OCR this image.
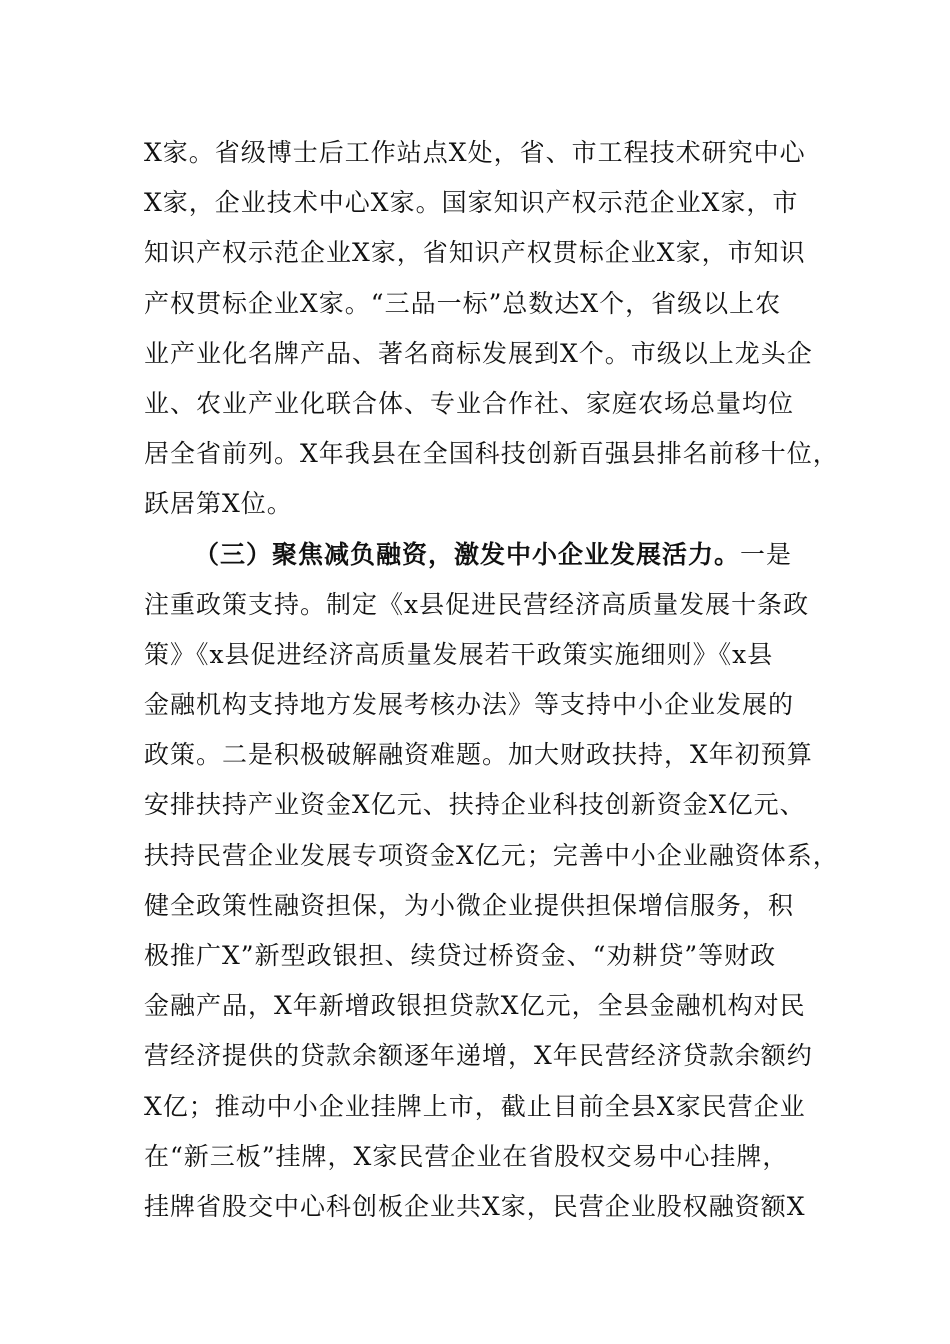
X家。省级博士后工作站点X处，省、市工程技术研究中心
X家，企业技术中心X家。国家知识产权示范企业X家，市
知识产权示范企业X家，省知识产权贯标企业X家，市知识
产权贯标企业X家。“三品一标”总数达X个，省级以上农
业产业化名牌产品、著名商标发展到X个。市级以上龙头企
业、农业产业化联合体、专业合作社、家庭农场总量均位
居全省前列。X年我县在全国科技创新百强县排名前移十位，
跃居第X位。
（三）聚焦减负融资，激发中小企业发展活力。一是
注重政策支持。制定《x县促进民营经济高质量发展十条政
策》《x县促进经济高质量发展若干政策实施细则》《x县
金融机构支持地方发展考核办法》等支持中小企业发展的
政策。二是积极破解融资难题。加大财政扶持，X年初预算
安排扶持产业资金X亿元、扶持企业科技创新资金X亿元、
扶持民营企业发展专项资金X亿元；完善中小企业融资体系，
健全政策性融资担保，为小微企业提供担保增信服务，积
极推广X”新型政银担、续贷过桥资金、“劝耕贷”等财政
金融产品，X年新增政银担贷款X亿元，全县金融机构对民
营经济提供的贷款余额逐年递增，X年民营经济贷款余额约
X亿；推动中小企业挂牌上市，截止目前全县X家民营企业
在“新三板”挂牌，X家民营企业在省股权交易中心挂牌，
挂牌省股交中心科创板企业共X家，民营企业股权融资额X
